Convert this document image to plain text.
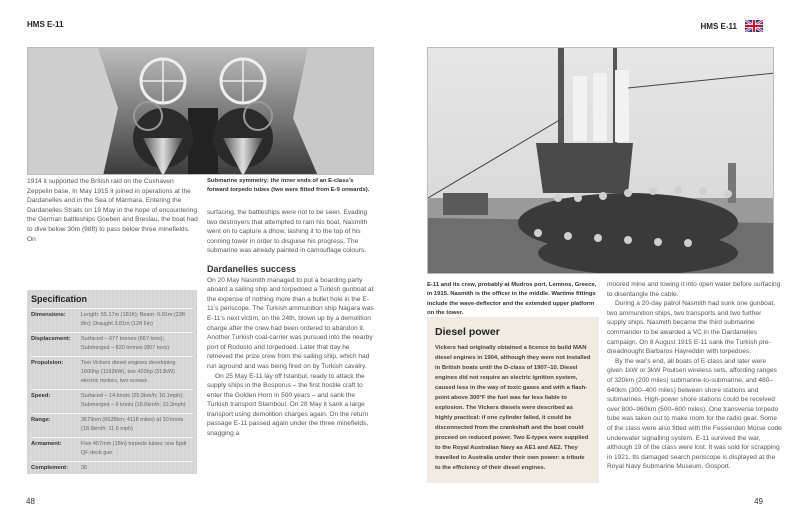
HMS E-11
1914 it supported the British raid on the Cuxhaven Zeppelin base. In May 1915 it joined in operations at the Dardanelles and in the Sea of Marmara. Entering the Dardanelles Straits on 19 May in the hope of encountering the German battleships Goeben and Breslau, the boat had to dive below 30m (98ft) to pass below three minefields. On
Submarine symmetry: the inner ends of an E-class's forward torpedo tubes (two were fitted from E-9 onwards).

surfacing, the battleships were not to be seen. Evading two destroyers that attempted to ram his boat, Nasmith went on to capture a dhow, lashing it to the top of his conning tower in order to disguise his progress. The submarine was already painted in camouflage colours.

Dardanelles success

On 20 May Nasmith managed to put a boarding party aboard a sailing ship and torpedoed a Turkish gunboat at the expense of nothing more than a bullet hole in the E-11's periscope. The Turkish ammunition ship Nagara was E-11's next victim, on the 24th, blown up by a demolition charge after the crew had been ordered to abandon it. Another Turkish coal-carrier was pursued into the nearby port of Rodosto and torpedoed. Later that day he retrieved the prize crew from the sailing ship, which had run aground and was being fired on by Turkish cavalry.

On 25 May E-11 lay off Istanbul, ready to attack the supply ships in the Bosporus – the first hostile craft to enter the Golden Horn in 500 years – and sank the Turkish transport Stamboul. On 28 May it sank a large transport using demolition charges again. On the return passage E-11 passed again under the three minefields, snagging a

Specification
Dimensions:	Length: 55.17m (181ft); Beam: 6.91m (22ft 8in); Draught 3.81m (12ft 6in)
Displacement:	Surfaced – 677 tonnes (667 tons); Submerged – 820 tonnes (807 tons)
Propulsion:	Two Vickers diesel engines developing 1600hp (1192kW), two 420hp (313kW) electric motors, two screws
Speed:	Surfaced – 14 knots (25.9km/h; 16.1mph); Submerged – 9 knots (16.6km/h; 10.3mph)
Range:	3579nm (6628km; 4118 miles) at 10 knots (18.5km/h; 11.5 mph)
Armament:	Five 457mm (18in) torpedo tubes; one 6pdr QF deck gun
Complement:	30
48
HMS E-11
E-11 and its crew, probably at Mudros port, Lemnos, Greece, in 1915. Nasmith is the officer in the middle. Wartime fittings include the wave-deflector and the extended upper platform on the tower.
Diesel power
Vickers had originally obtained a licence to build MAN diesel engines in 1904, although they were not installed in British boats until the D-class of 1907–10. Diesel engines did not require an electric ignition system, caused less in the way of toxic gases and with a flash-point above 300°F the fuel was far less liable to explosion. The Vickers diesels were described as highly practical: if one cylinder failed, it could be disconnected from the crankshaft and the boat could proceed on reduced power. Two E-types were supplied to the Royal Australian Navy as AE1 and AE2. They travelled to Australia under their own power: a tribute to the efficiency of their diesel engines.

moored mine and towing it into open water before surfacing to disentangle the cable.

During a 20-day patrol Nasmith had sunk one gunboat, two ammunition ships, two transports and two further supply ships. Nasmith became the third submarine commander to be awarded a VC in the Dardanelles campaign. On 8 August 1915 E-11 sank the Turkish pre-dreadnought Barbaros Hayreddin with torpedoes.

By the war's end, all boats of E-class and later were given 1kW or 3kW Poulsen wireless sets, affording ranges of 320km (200 miles) submarine-to-submarine, and 480–640km (300–400 miles) between shore stations and submarines. High-power shore stations could be received over 800–960km (500–600 miles). One transverse torpedo tube was taken out to make room for the radio gear. Some of the class were also fitted with the Fessenden Morse code underwater signalling system. E-11 survived the war, although 19 of the class were lost. It was sold for scrapping in 1921. Its damaged search periscope is displayed at the Royal Navy Submarine Museum, Gosport.

49
